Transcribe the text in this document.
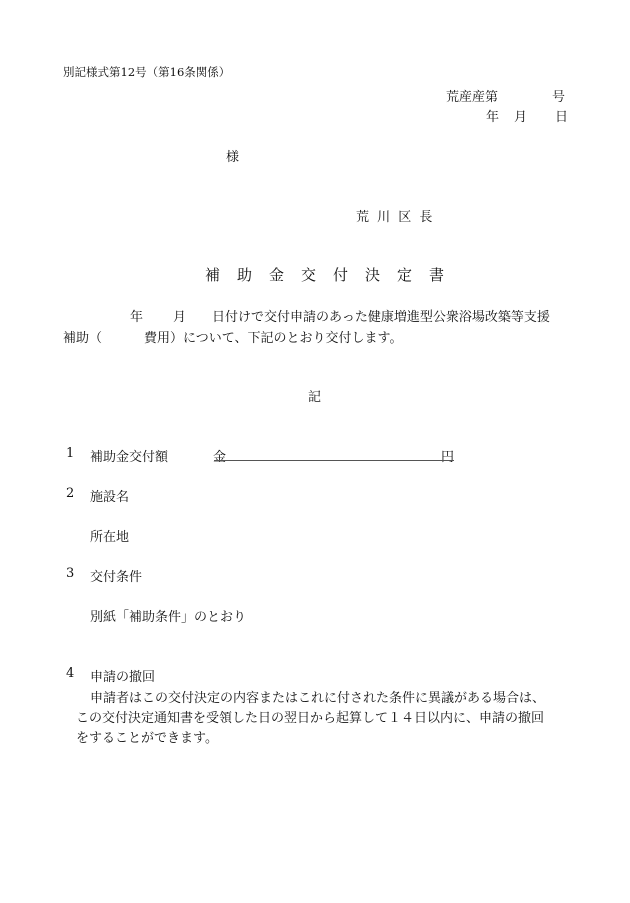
別記様式第12号（第16条関係）
荒産産第	号
年 月 日
様
荒 川 区 長
補　助　金　交　付　決　定　書
年 月 日付けで交付申請のあった健康増進型公衆浴場改築等支援
補助（	費用）について、下記のとおり交付します。
記
1 補助金交付額	金	円
2 施設名
所在地
3 交付条件
別紙「補助条件」のとおり
4 申請の撤回
申請者はこの交付決定の内容またはこれに付された条件に異議がある場合は、
この交付決定通知書を受領した日の翌日から起算して１４日以内に、申請の撤回
をすることができます。
